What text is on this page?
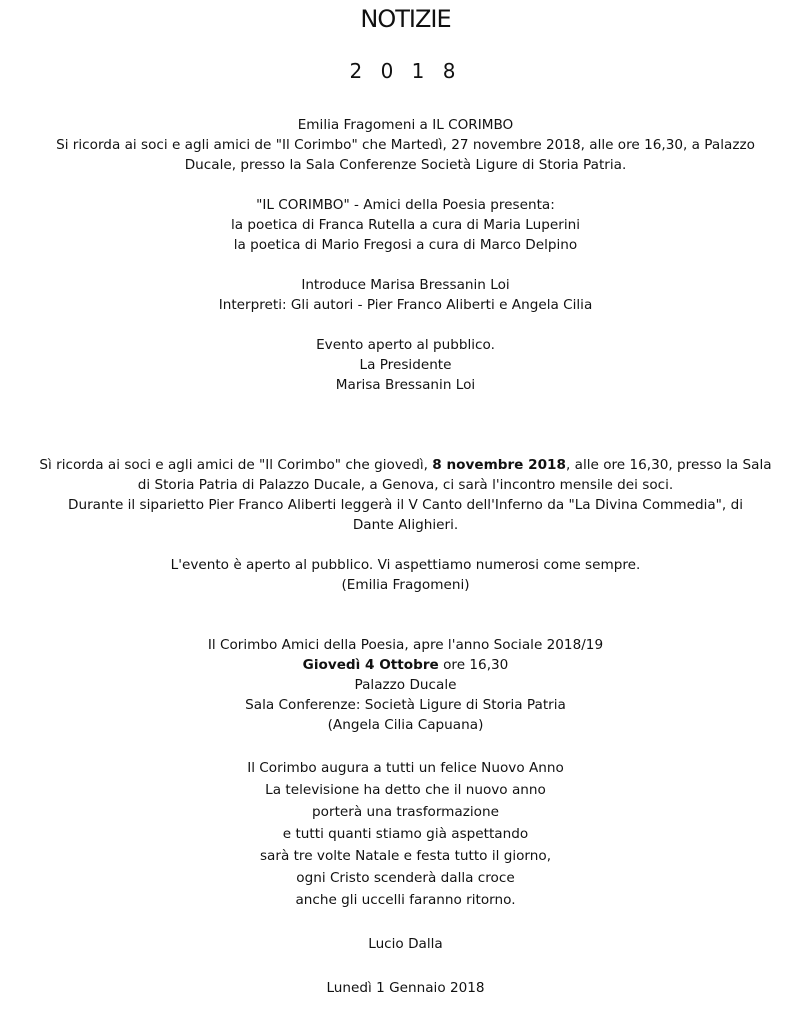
NOTIZIE
2 0 1 8

Emilia Fragomeni a IL CORIMBO

Si ricorda ai soci e agli amici de "Il Corimbo" che Martedì, 27 novembre 2018, alle ore 16,30, a Palazzo

Ducale, presso la Sala Conferenze Società Ligure di Storia Patria.

"IL CORIMBO" - Amici della Poesia presenta:

la poetica di Franca Rutella a cura di Maria Luperini

la poetica di Mario Fregosi a cura di Marco Delpino

Introduce Marisa Bressanin Loi

Interpreti: Gli autori - Pier Franco Aliberti e Angela Cilia

Evento aperto al pubblico.

La Presidente

Marisa Bressanin Loi

Sì ricorda ai soci e agli amici de "Il Corimbo" che giovedì, 8 novembre 2018, alle ore 16,30, presso la Sala

di Storia Patria di Palazzo Ducale, a Genova, ci sarà l'incontro mensile dei soci.

Durante il siparietto Pier Franco Aliberti leggerà il V Canto dell'Inferno da "La Divina Commedia", di

Dante Alighieri.

L'evento è aperto al pubblico. Vi aspettiamo numerosi come sempre.

(Emilia Fragomeni)

Il Corimbo Amici della Poesia, apre l'anno Sociale 2018/19

Giovedì 4 Ottobre ore 16,30

Palazzo Ducale

Sala Conferenze: Società Ligure di Storia Patria

(Angela Cilia Capuana)

Il Corimbo augura a tutti un felice Nuovo Anno

La televisione ha detto che il nuovo anno

porterà una trasformazione

e tutti quanti stiamo già aspettando

sarà tre volte Natale e festa tutto il giorno,

ogni Cristo scenderà dalla croce

anche gli uccelli faranno ritorno.

Lucio Dalla

Lunedì 1 Gennaio 2018
